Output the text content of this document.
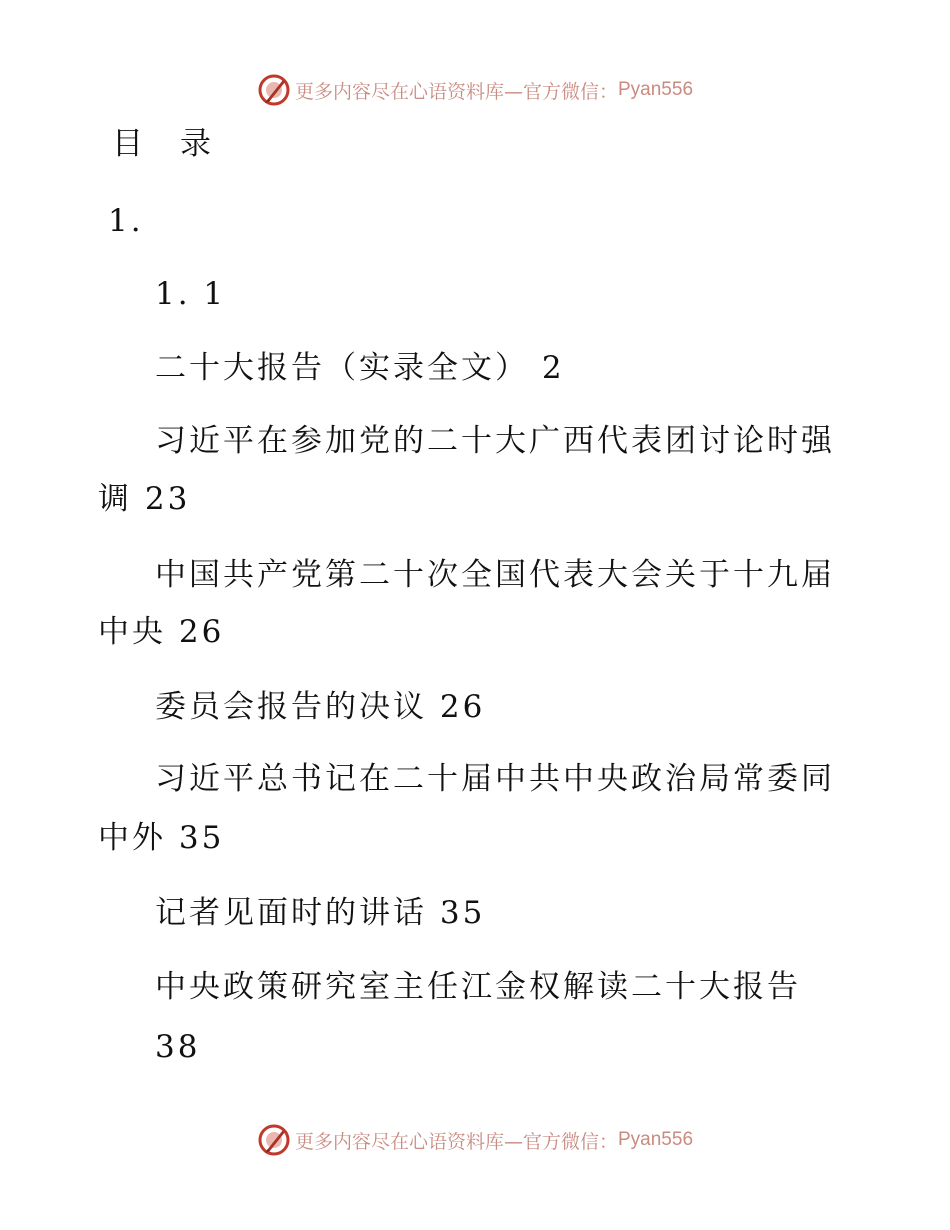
更多内容尽在心语资料库—官方微信： Pyan556
目　录
1.
1. 1
二十大报告（实录全文） 2
习近平在参加党的二十大广西代表团讨论时强
调 23
中国共产党第二十次全国代表大会关于十九届
中央 26
委员会报告的决议 26
习近平总书记在二十届中共中央政治局常委同
中外 35
记者见面时的讲话 35
中央政策研究室主任江金权解读二十大报告
38
更多内容尽在心语资料库—官方微信： Pyan556
